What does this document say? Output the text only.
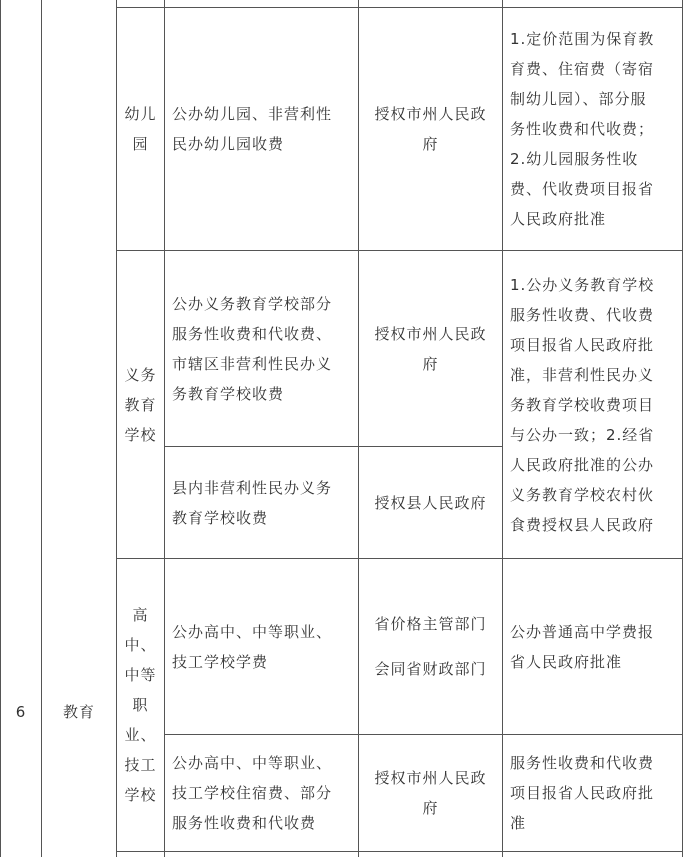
6	教育
幼儿
园
公办幼儿园、非营利性
民办幼儿园收费
授权市州人民政
府
1.定价范围为保育教
育费、住宿费（寄宿
制幼儿园）、部分服
务性收费和代收费；
2.幼儿园服务性收
费、代收费项目报省
人民政府批准
义务
教育
学校
公办义务教育学校部分
服务性收费和代收费、
市辖区非营利性民办义
务教育学校收费
授权市州人民政
府
县内非营利性民办义务
教育学校收费
授权县人民政府
1.公办义务教育学校
服务性收费、代收费
项目报省人民政府批
准，非营利性民办义
务教育学校收费项目
与公办一致；2.经省
人民政府批准的公办
义务教育学校农村伙
食费授权县人民政府
高
中、
中等
职
业、
技工
学校
公办高中、中等职业、
技工学校学费
省价格主管部门
会同省财政部门
公办普通高中学费报
省人民政府批准
公办高中、中等职业、
技工学校住宿费、部分
服务性收费和代收费
授权市州人民政
府
服务性收费和代收费
项目报省人民政府批
准
